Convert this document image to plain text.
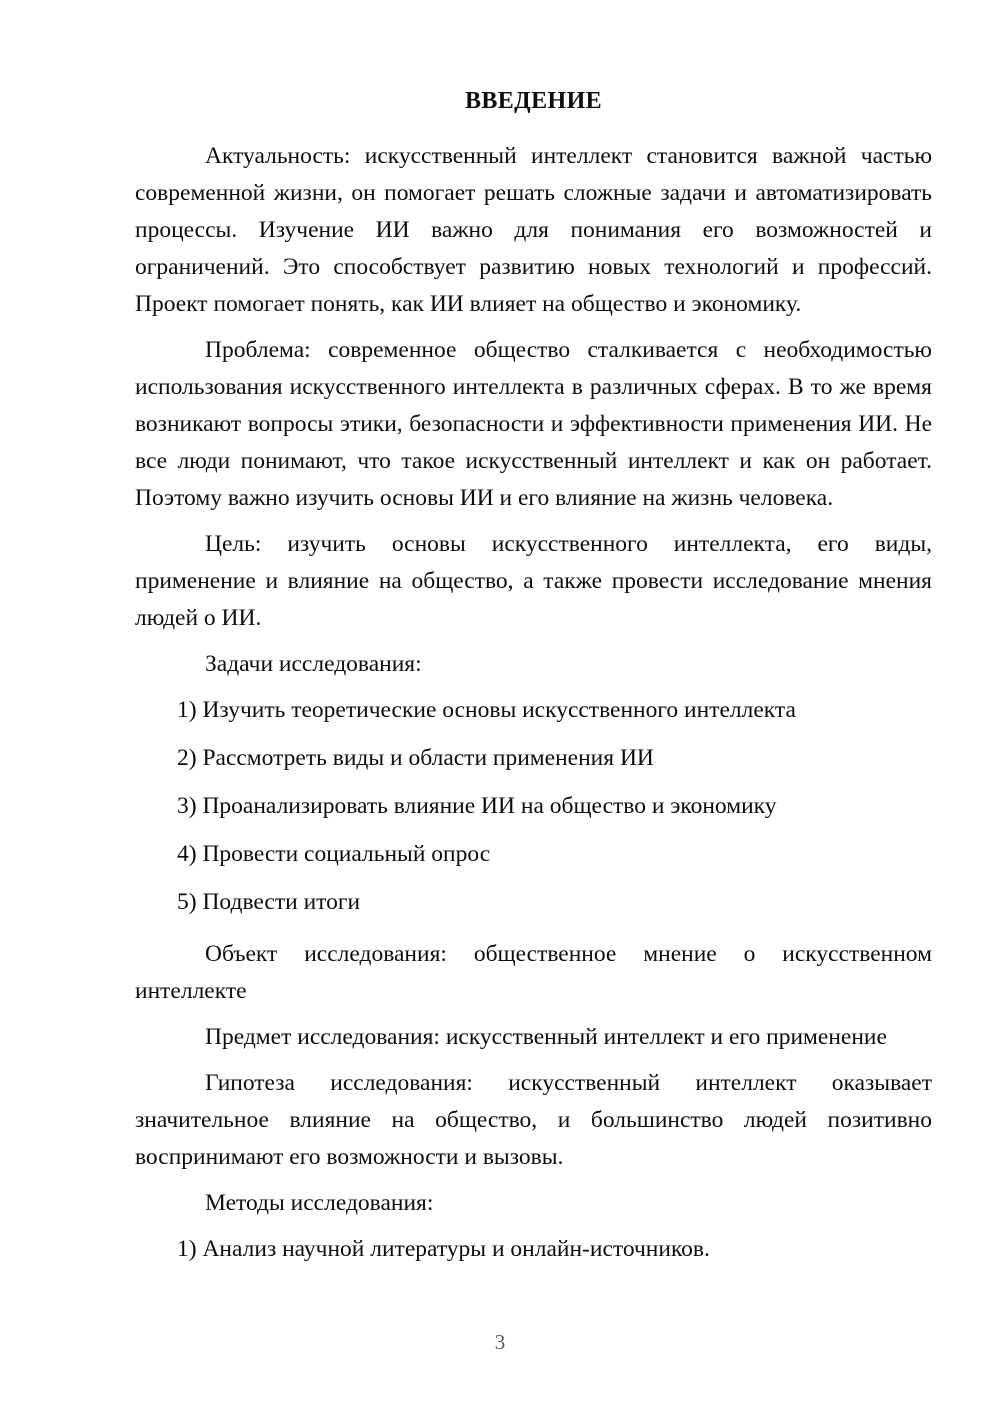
ВВЕДЕНИЕ

Актуальность: искусственный интеллект становится важной частью современной жизни, он помогает решать сложные задачи и автоматизировать процессы. Изучение ИИ важно для понимания его возможностей и ограничений. Это способствует развитию новых технологий и профессий. Проект помогает понять, как ИИ влияет на общество и экономику.

Проблема: современное общество сталкивается с необходимостью использования искусственного интеллекта в различных сферах. В то же время возникают вопросы этики, безопасности и эффективности применения ИИ. Не все люди понимают, что такое искусственный интеллект и как он работает. Поэтому важно изучить основы ИИ и его влияние на жизнь человека.

Цель: изучить основы искусственного интеллекта, его виды, применение и влияние на общество, а также провести исследование мнения людей о ИИ.

Задачи исследования:

1) Изучить теоретические основы искусственного интеллекта
2) Рассмотреть виды и области применения ИИ
3) Проанализировать влияние ИИ на общество и экономику
4) Провести социальный опрос
5) Подвести итоги

Объект исследования: общественное мнение о искусственном интеллекте

Предмет исследования: искусственный интеллект и его применение

Гипотеза исследования: искусственный интеллект оказывает значительное влияние на общество, и большинство людей позитивно воспринимают его возможности и вызовы.

Методы исследования:

1) Анализ научной литературы и онлайн-источников.
3
